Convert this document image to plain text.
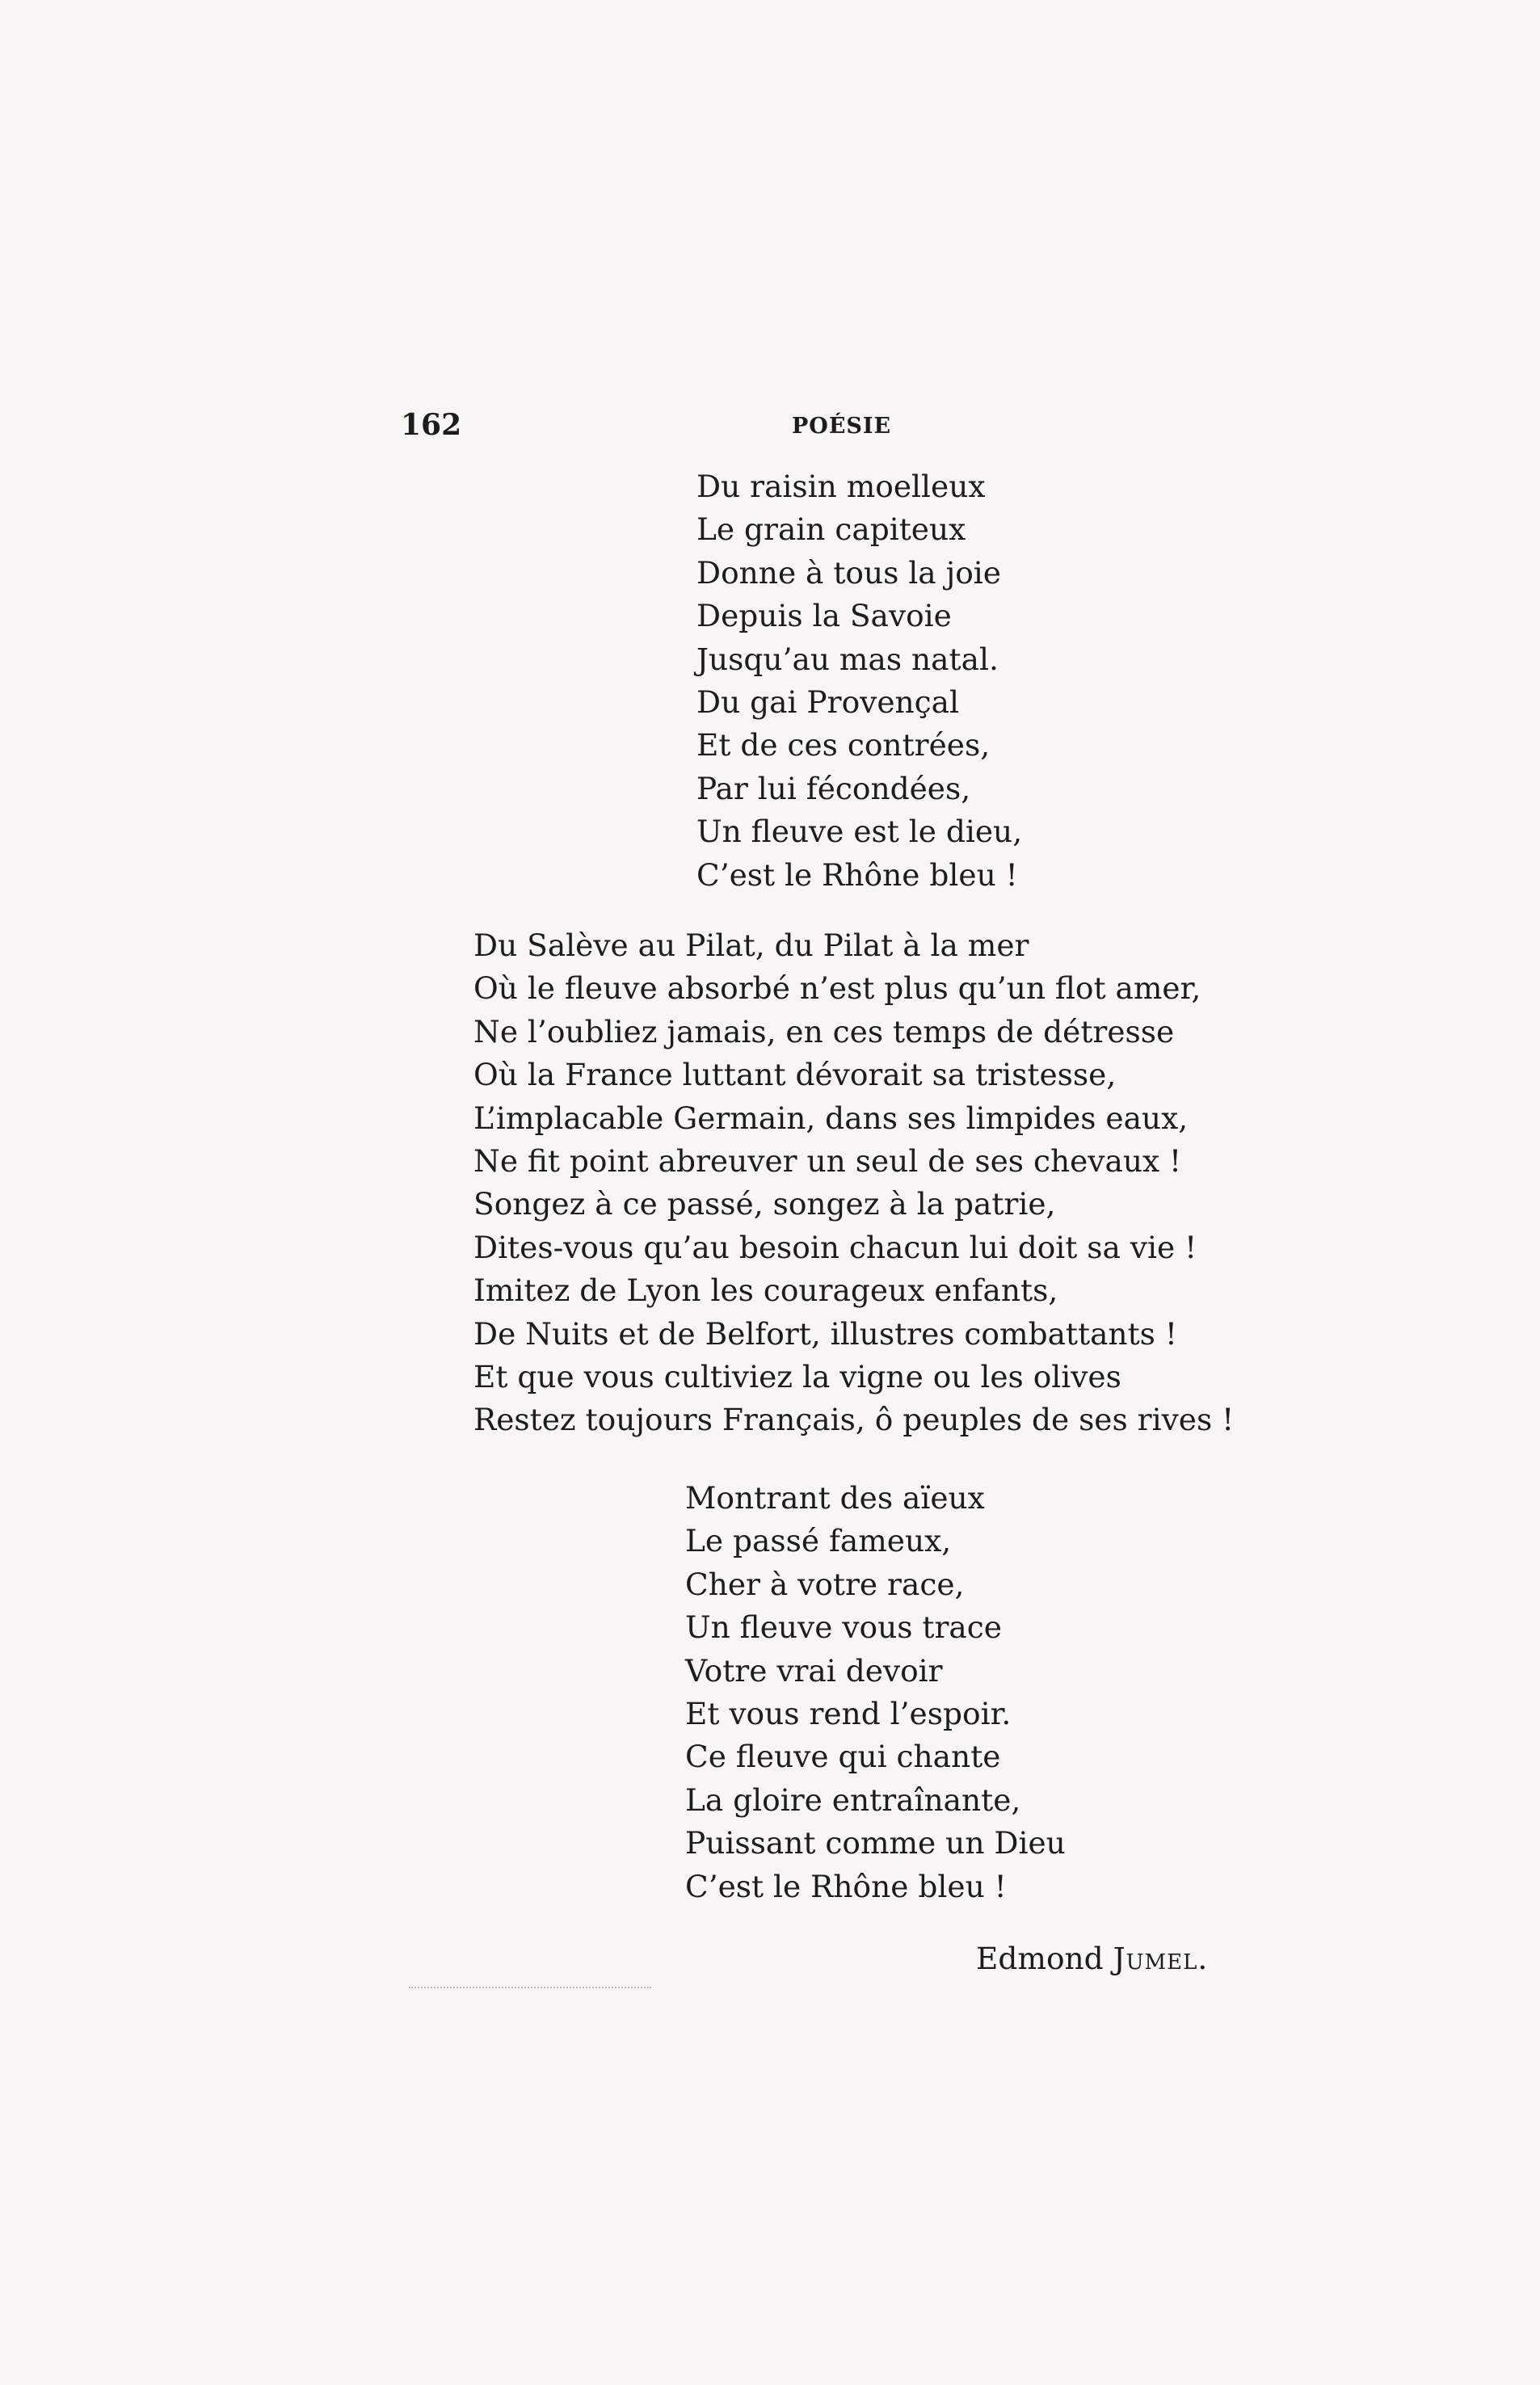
162	POÉSIE
Du raisin moelleux
Le grain capiteux
Donne à tous la joie
Depuis la Savoie
Jusqu’au mas natal.
Du gai Provençal
Et de ces contrées,
Par lui fécondées,
Un fleuve est le dieu,
C’est le Rhône bleu !
Du Salève au Pilat, du Pilat à la mer
Où le fleuve absorbé n’est plus qu’un flot amer,
Ne l’oubliez jamais, en ces temps de détresse
Où la France luttant dévorait sa tristesse,
L’implacable Germain, dans ses limpides eaux,
Ne fit point abreuver un seul de ses chevaux !
Songez à ce passé, songez à la patrie,
Dites-vous qu’au besoin chacun lui doit sa vie !
Imitez de Lyon les courageux enfants,
De Nuits et de Belfort, illustres combattants !
Et que vous cultiviez la vigne ou les olives
Restez toujours Français, ô peuples de ses rives !
Montrant des aïeux
Le passé fameux,
Cher à votre race,
Un fleuve vous trace
Votre vrai devoir
Et vous rend l’espoir.
Ce fleuve qui chante
La gloire entraînante,
Puissant comme un Dieu
C’est le Rhône bleu !
Edmond Jumel.
